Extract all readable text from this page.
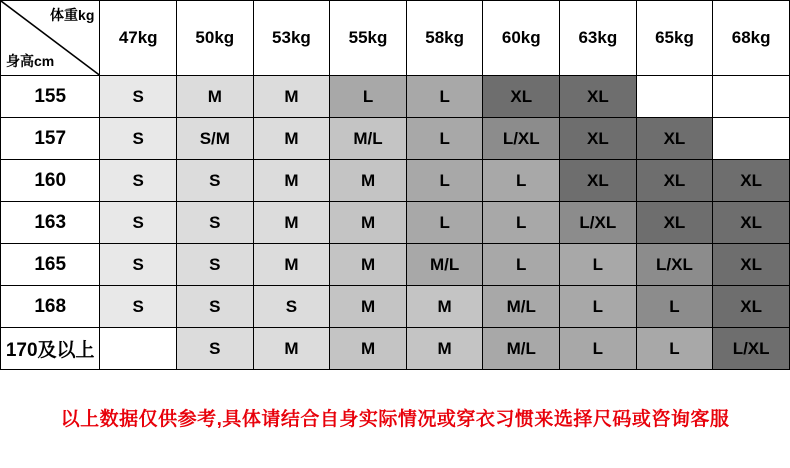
体重kg
身高cm	47kg	50kg	53kg	55kg	58kg	60kg	63kg	65kg	68kg
155	S	M	M	L	L	XL	XL		
157	S	S/M	M	M/L	L	L/XL	XL	XL	
160	S	S	M	M	L	L	XL	XL	XL
163	S	S	M	M	L	L	L/XL	XL	XL
165	S	S	M	M	M/L	L	L	L/XL	XL
168	S	S	S	M	M	M/L	L	L	XL
170及以上		S	M	M	M	M/L	L	L	L/XL
以上数据仅供参考,具体请结合自身实际情况或穿衣习惯来选择尺码或咨询客服
